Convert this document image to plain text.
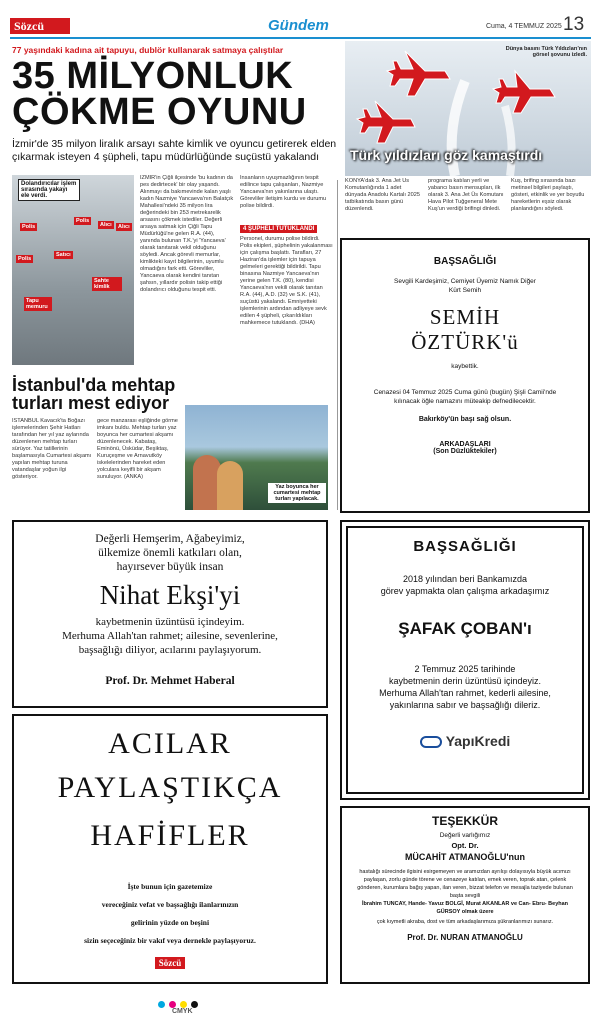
Sözcü	Gündem	Cuma, 4 TEMMUZ 2025 13
77 yaşındaki kadına ait tapuyu, dublör kullanarak satmaya çalıştılar
35 MİLYONLUK
ÇÖKME OYUNU
İzmir'de 35 milyon liralık arsayı sahte kimlik ve oyuncu getirerek elden çıkarmak isteyen 4 şüpheli, tapu müdürlüğünde suçüstü yakalandı
Dolandırıcılar işlem sırasında yakayı ele verdi.
Polis
Polis
Alıcı	Alıcı
Polis
Satıcı
Sahte kimlik
Tapu memuru
İZMİR'in Çiğli ilçesinde 'bu kadının da pes dedirtecek' bir olay yaşandı. Alınmayı da bakımevinde kalan yaşlı kadın Nazmiye Yancaeva'nın Balatçık Mahallesi'ndeki 35 milyon lira değerindeki bin 253 metrekarelik arsasını çökmek istediler. Değerli arsaya satmak için Çiğli Tapu Müdürlüğü'ne gelen R.A. (44), yanında bulunan T.K.'yi 'Yancaeva' olarak tanıtarak vekil olduğunu söyledi. Ancak görevli memurlar, kimlikteki kayıt bilgilerinin, uyumlu olmadığını fark etti. Görevliler, Yancaeva olarak kendini tanıtan şahsın, yıllardır polisin takip ettiği dolandırıcı olduğunu tespit etti.
İnsanların uyuşmazlığının tespit edilince tapu çalışanları, Nazmiye Yancaeva'nın yakınlarına ulaştı. Görevliler iletişim kurdu ve durumu polise bildirdi.
4 ŞÜPHELİ TUTUKLANDI
Personel, durumu polise bildirdi. Polis ekipleri, şüphelinin yakalanması için çalışma başlattı. Tarafları, 27 Haziran'da işlemler için tapuya gelmeleri gerektiği bildirildi. Tapu binasına Nazmiye Yancaeva'nın yerine gelen T.K. (80), kendisi Yancaeva'nın vekili olarak tanıtan R.A. (44), A.D. (32) ve S.K. (41), suçüstü yakalandı. Emniyetteki işlemlerinin ardından adliyeye sevk edilen 4 şüpheli, çıkarıldıkları mahkemece tutuklandı. (DHA)
Dünya basını Türk Yıldızları'nın görsel şovunu izledi.
Türk yıldızları göz kamaştırdı
KONYA'dak 3. Ana Jet Üs Komutanlığında 1 adet dünyada Anadolu Kartalı 2025 tatbikatında basın günü düzenlendi.
programa katılan yerli ve yabancı basın mensupları, ilk olarak 3. Ana Jet Üs Komutanı Hava Pilot Tuğgeneral Mete Kuş'un verdiği brifingi dinledi.
Kuş, brifing sırasında bazı metinsel bilgileri paylaştı, gösteri, etkinlik ve yer boyutlu hareketlerin eşsiz olarak planlandığını söyledi.
BAŞSAĞLIĞI
Sevgili Kardeşimiz, Cemiyet Üyemiz Namık Diğer Kürt Semih
SEMİH
ÖZTÜRK'ü
kaybettik.
Cenazesi 04 Temmuz 2025 Cuma günü (bugün) Şişli Camii'nde kılınacak öğle namazını müteakip defnedilecektir.
Bakırköy'ün başı sağ olsun.
ARKADAŞLARI
(Son Düzlüktekiler)
İstanbul'da mehtap turları mest ediyor
İSTANBUL Kavacık'ta Boğazı işlemelerinden Şehir Hatları tarafından her yıl yaz aylarında düzenlenen mehtap turları sürüyor. Yaz tatillerinin başlamasıyla Cumartesi akşamı yapılan mehtap turuna vatandaşlar yoğun ilgi gösteriyor.
gece manzarası eşliğinde görme imkanı buldu. Mehtap turları yaz boyunca her cumartesi akşamı düzenlenecek. Kabataş, Eminönü, Üsküdar, Beşiktaş, Kuruçeşme ve Arnavutköy iskelelerinden hareket eden yolculara keyifli bir akşam sunuluyor. (ANKA)
Yaz boyunca her cumartesi mehtap turları yapılacak.
Değerli Hemşerim, Ağabeyimiz,
ülkemize önemli katkıları olan,
hayırsever büyük insan
Nihat Ekşi'yi
kaybetmenin üzüntüsü içindeyim.
Merhuma Allah'tan rahmet; ailesine, sevenlerine,
başsağlığı diliyor, acılarını paylaşıyorum.
Prof. Dr. Mehmet Haberal
BAŞSAĞLIĞI
2018 yılından beri Bankamızda
görev yapmakta olan çalışma arkadaşımız
ŞAFAK ÇOBAN'ı
2 Temmuz 2025 tarihinde
kaybetmenin derin üzüntüsü içindeyiz.
Merhuma Allah'tan rahmet, kederli ailesine,
yakınlarına sabır ve başsağlığı dileriz.
YapıKredi
ACILAR
PAYLAŞTIKÇA
HAFİFLER
İşte bunun için gazetemize
vereceğiniz vefat ve başsağlığı ilanlarınızın
gelirinin yüzde on beşini
sizin seçeceğiniz bir vakıf veya dernekle paylaşıyoruz.
Sözcü
TEŞEKKÜR
Değerli varlığımız
Opt. Dr.
MÜCAHİT ATMANOĞLU'nun
hastalığı sürecinde ilgisini esirgemeyen ve aramızdan ayrılışı dolayısıyla büyük acımızı paylaşan, zorlu günde törene ve cenazeye katılan, emek veren, toprak atan, çelenk gönderen, kurumlara bağış yapan, ilan veren, bizzat telefon ve mesajla taziyede bulunan başta sevgili
İbrahim TUNCAY, Hande- Yavuz BOLGİ, Murat AKANLAR ve Can- Ebru- Beyhan GÜRSOY olmak üzere
çok kıymetli akraba, dost ve tüm arkadaşlarımıza şükranlarımızı sunarız.
Prof. Dr. NURAN ATMANOĞLU
CMYK
